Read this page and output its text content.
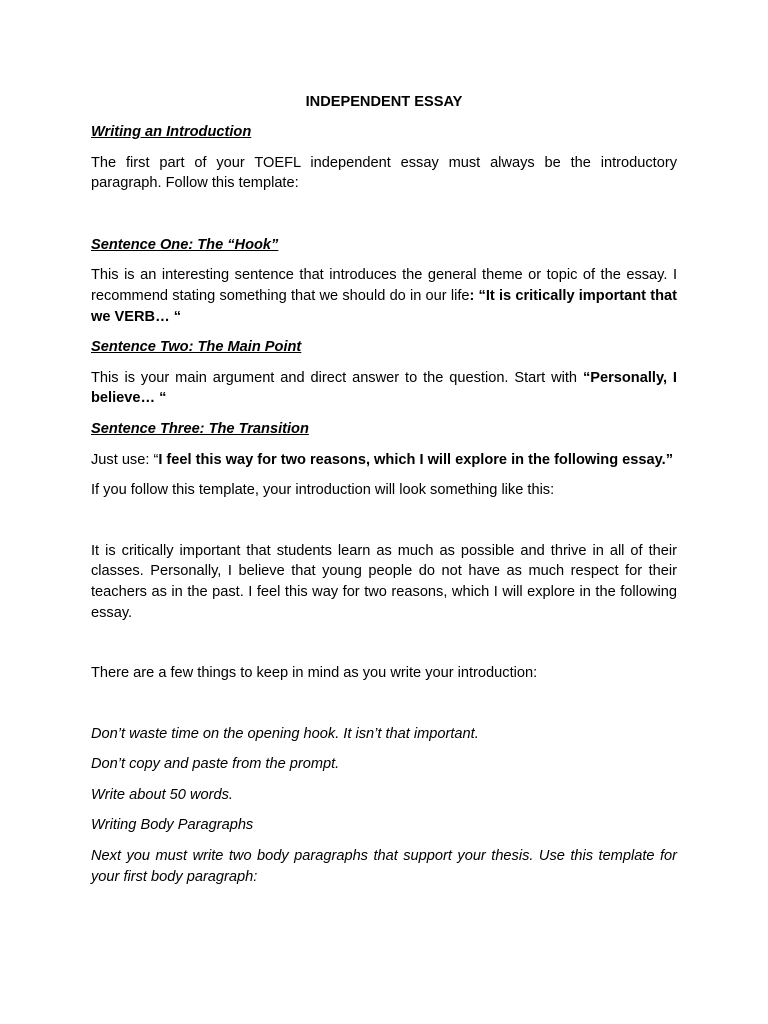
INDEPENDENT ESSAY

Writing an Introduction

The first part of your TOEFL independent essay must always be the introductory paragraph. Follow this template:

Sentence One: The “Hook”

This is an interesting sentence that introduces the general theme or topic of the essay. I recommend stating something that we should do in our life: “It is critically important that we VERB… “

Sentence Two: The Main Point

This is your main argument and direct answer to the question. Start with “Personally, I believe… “

Sentence Three: The Transition

Just use: “I feel this way for two reasons, which I will explore in the following essay.”

If you follow this template, your introduction will look something like this:

It is critically important that students learn as much as possible and thrive in all of their classes. Personally, I believe that young people do not have as much respect for their teachers as in the past. I feel this way for two reasons, which I will explore in the following essay.

There are a few things to keep in mind as you write your introduction:

Don’t waste time on the opening hook. It isn’t that important.

Don’t copy and paste from the prompt.

Write about 50 words.

Writing Body Paragraphs

Next you must write two body paragraphs that support your thesis. Use this template for your first body paragraph:
